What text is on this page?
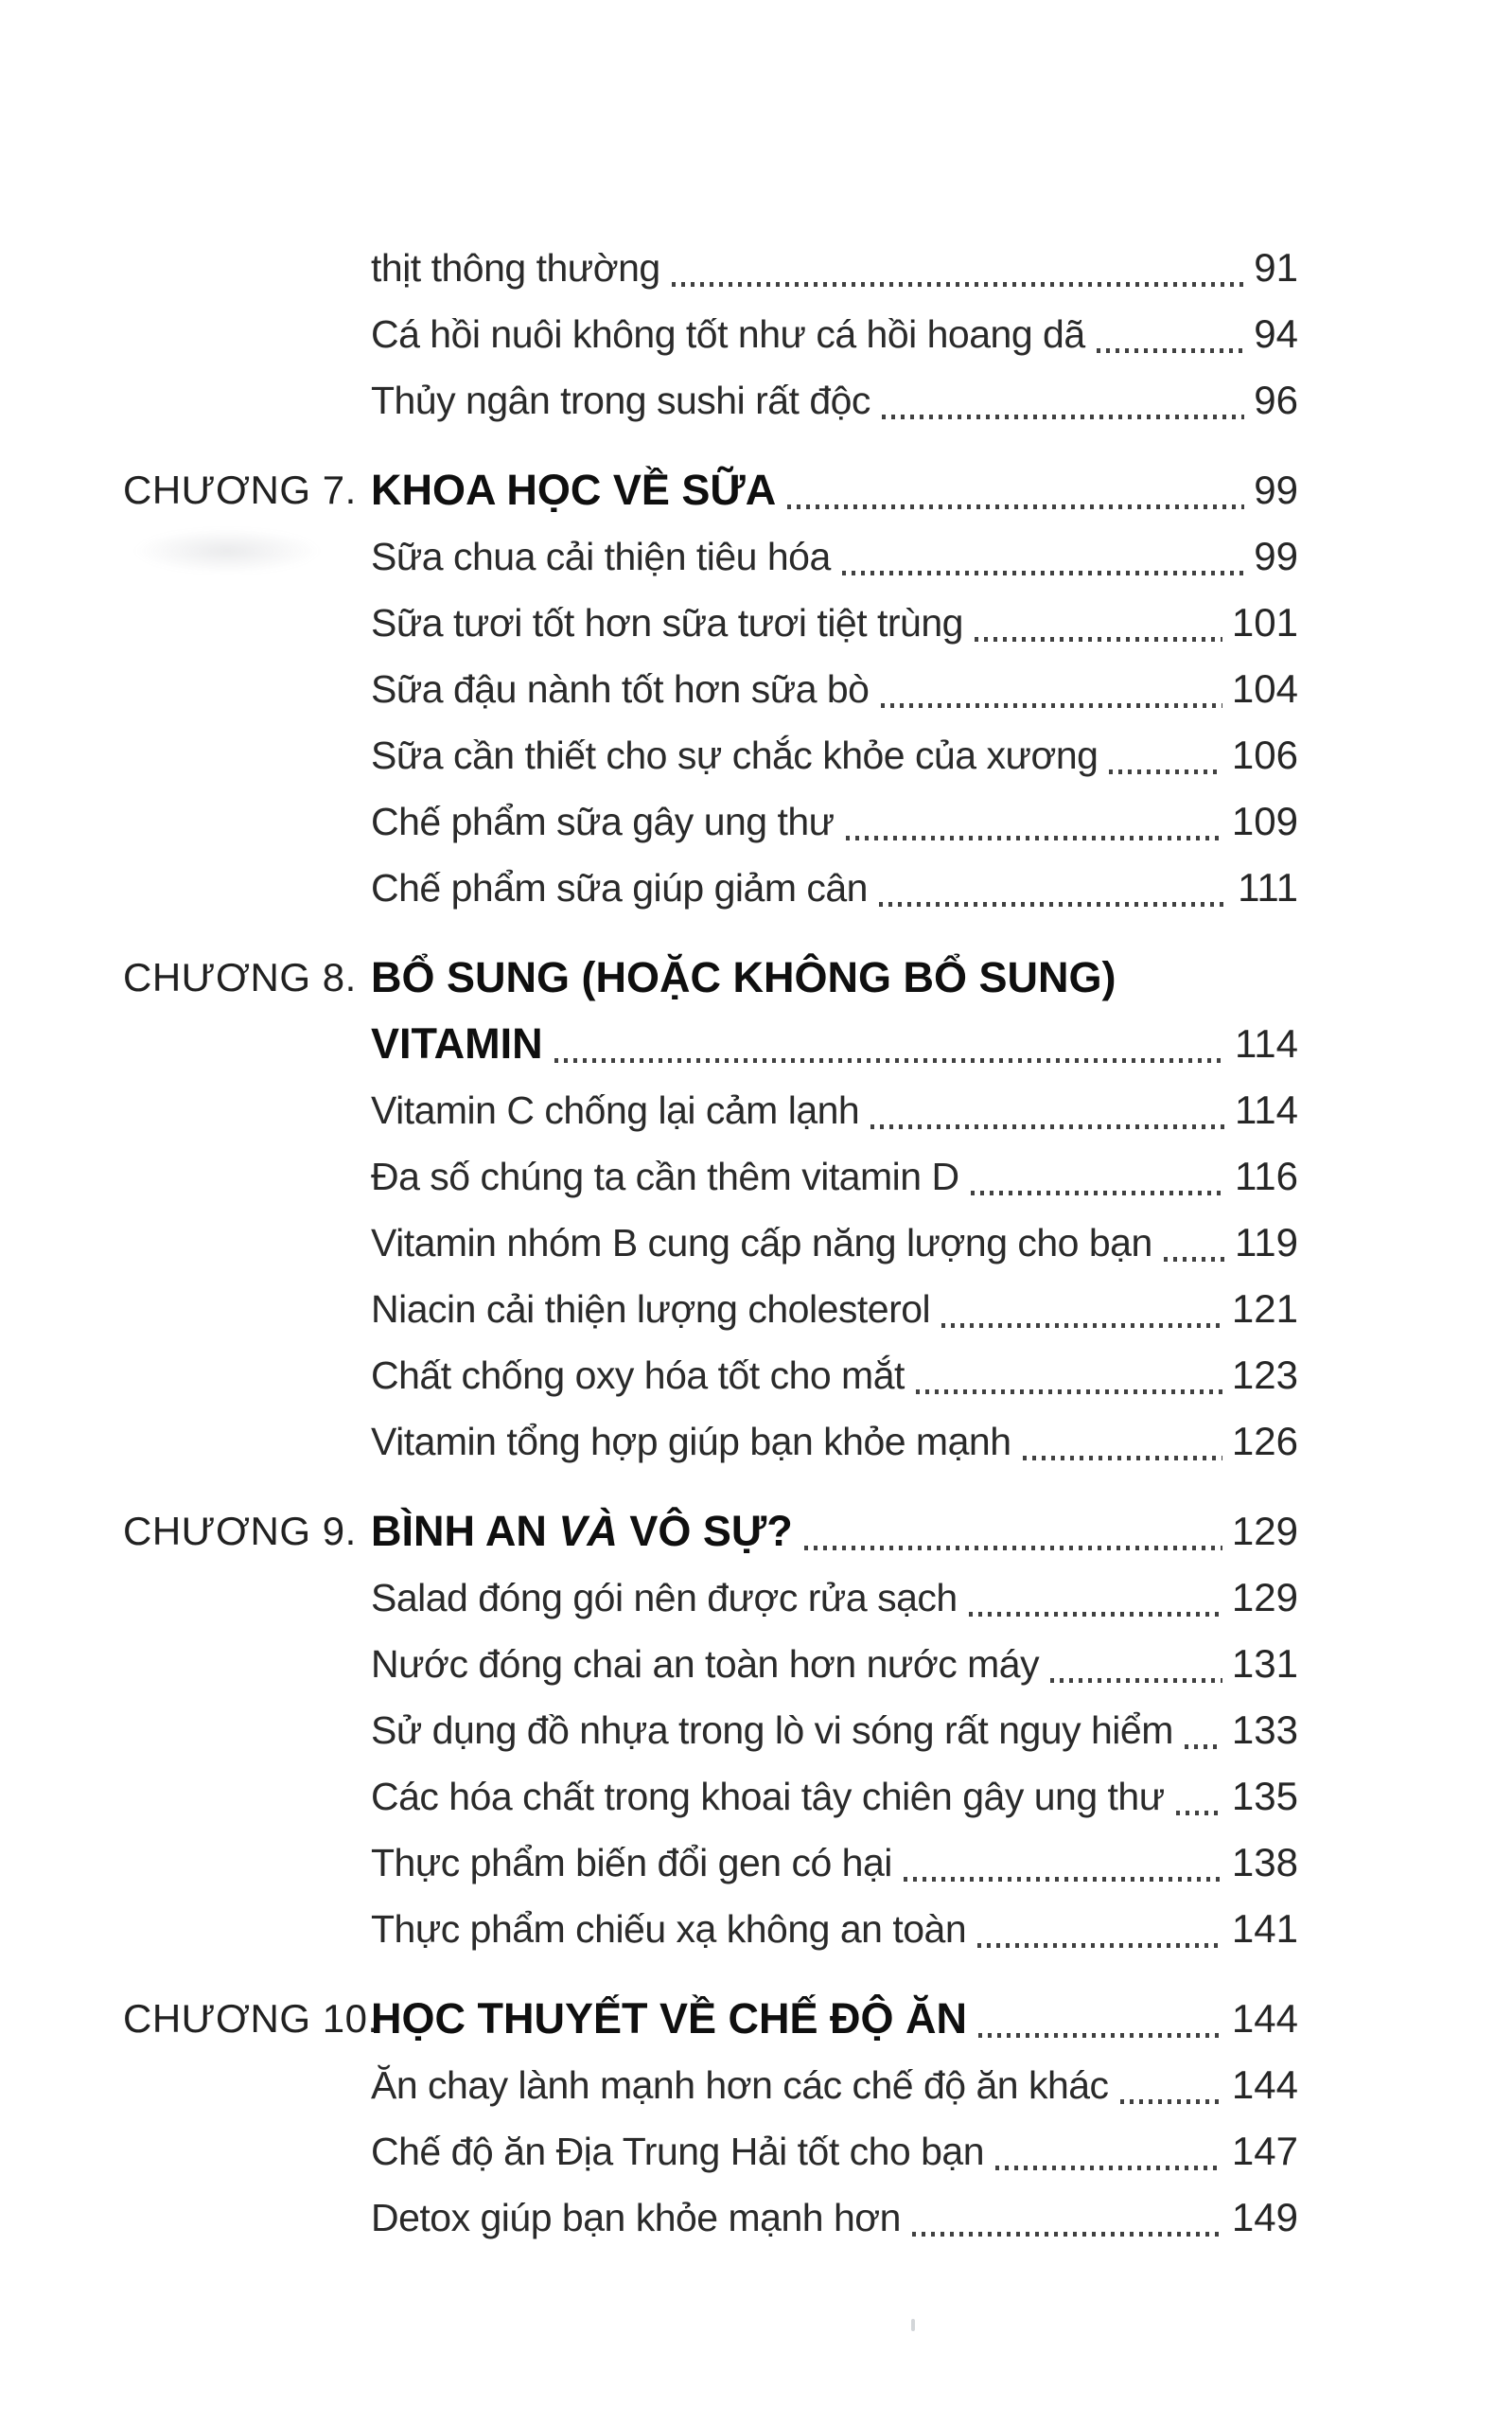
thịt thông thường	91
Cá hồi nuôi không tốt như cá hồi hoang dã	94
Thủy ngân trong sushi rất độc	96
CHƯƠNG 7. KHOA HỌC VỀ SỮA	99
Sữa chua cải thiện tiêu hóa	99
Sữa tươi tốt hơn sữa tươi tiệt trùng	101
Sữa đậu nành tốt hơn sữa bò	104
Sữa cần thiết cho sự chắc khỏe của xương	106
Chế phẩm sữa gây ung thư	109
Chế phẩm sữa giúp giảm cân	111
CHƯƠNG 8. BỔ SUNG (HOẶC KHÔNG BỔ SUNG)
VITAMIN	114
Vitamin C chống lại cảm lạnh	114
Đa số chúng ta cần thêm vitamin D	116
Vitamin nhóm B cung cấp năng lượng cho bạn 119
Niacin cải thiện lượng cholesterol	121
Chất chống oxy hóa tốt cho mắt	123
Vitamin tổng hợp giúp bạn khỏe mạnh	126
CHƯƠNG 9. BÌNH AN VÀ VÔ SỰ?	129
Salad đóng gói nên được rửa sạch	129
Nước đóng chai an toàn hơn nước máy	131
Sử dụng đồ nhựa trong lò vi sóng rất nguy hiểm 133
Các hóa chất trong khoai tây chiên gây ung thư 135
Thực phẩm biến đổi gen có hại	138
Thực phẩm chiếu xạ không an toàn	141
CHƯƠNG 10.
HỌC THUYẾT VỀ CHẾ ĐỘ ĂN	144
Ăn chay lành mạnh hơn các chế độ ăn khác	144
Chế độ ăn Địa Trung Hải tốt cho bạn	147
Detox giúp bạn khỏe mạnh hơn	149
